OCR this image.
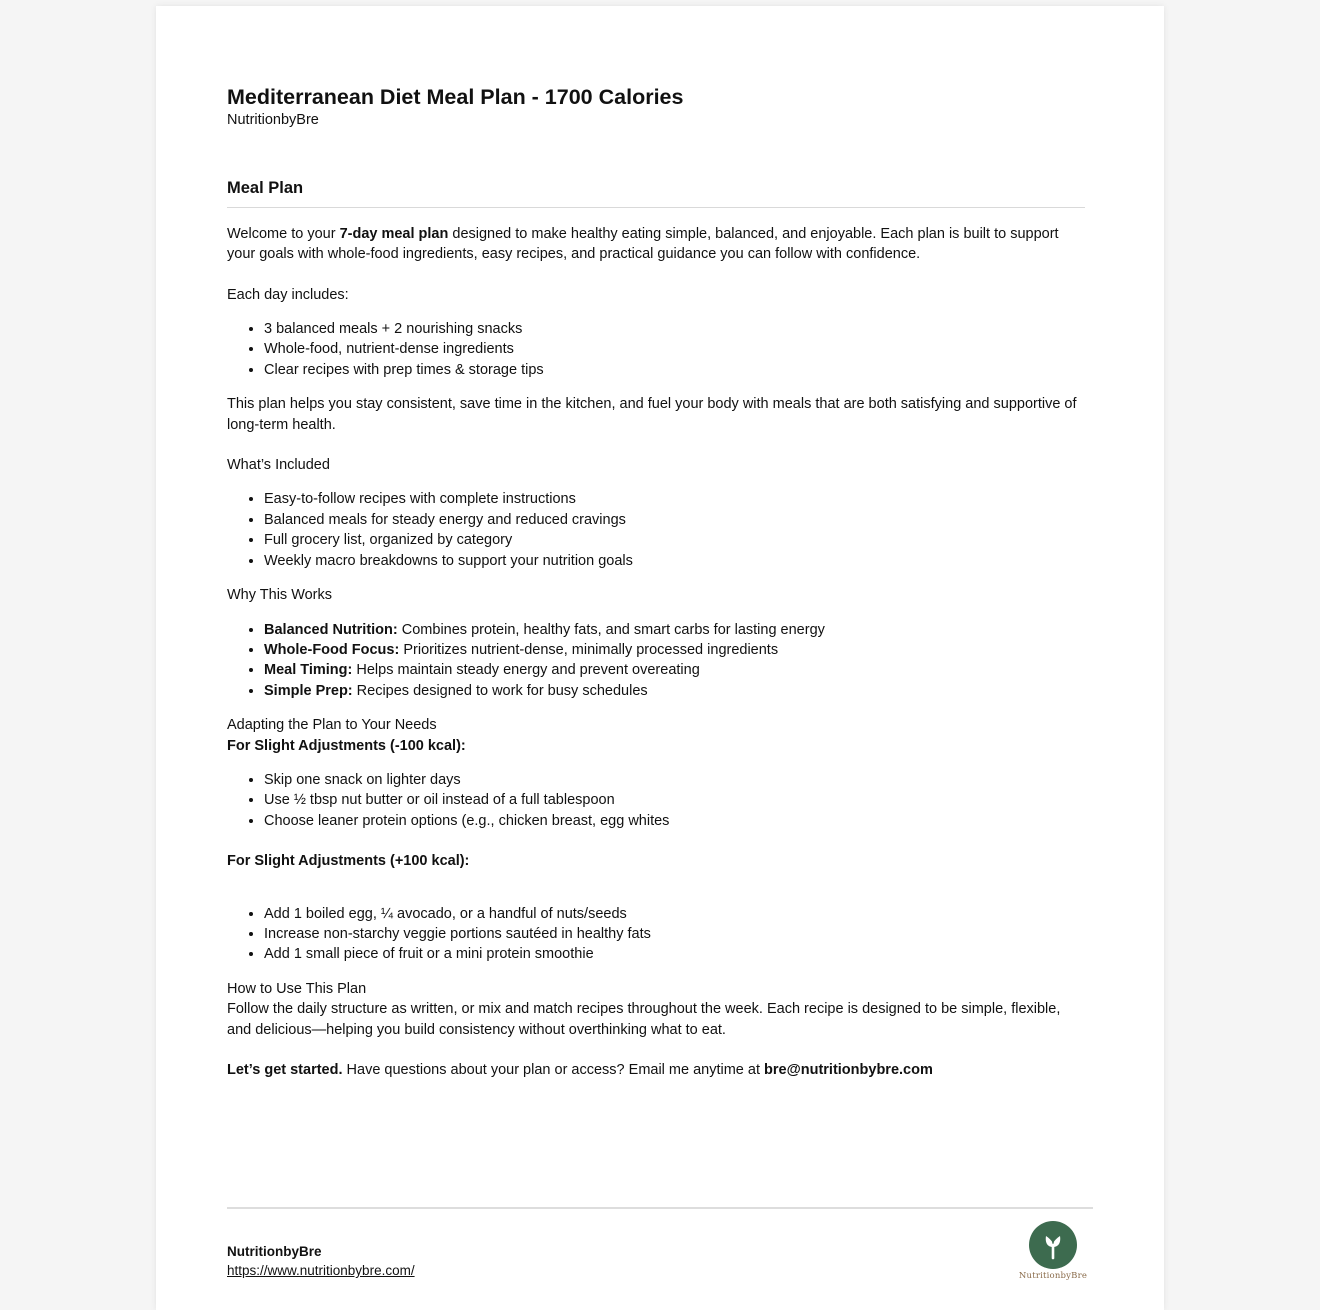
Mediterranean Diet Meal Plan - 1700 Calories

NutritionbyBre

Meal Plan

Welcome to your 7-day meal plan designed to make healthy eating simple, balanced, and enjoyable. Each plan is built to support your goals with whole-food ingredients, easy recipes, and practical guidance you can follow with confidence.

Each day includes:

• 3 balanced meals + 2 nourishing snacks
• Whole-food, nutrient-dense ingredients
• Clear recipes with prep times & storage tips

This plan helps you stay consistent, save time in the kitchen, and fuel your body with meals that are both satisfying and supportive of long-term health.

What’s Included

• Easy-to-follow recipes with complete instructions
• Balanced meals for steady energy and reduced cravings
• Full grocery list, organized by category
• Weekly macro breakdowns to support your nutrition goals

Why This Works

• Balanced Nutrition: Combines protein, healthy fats, and smart carbs for lasting energy
• Whole-Food Focus: Prioritizes nutrient-dense, minimally processed ingredients
• Meal Timing: Helps maintain steady energy and prevent overeating
• Simple Prep: Recipes designed to work for busy schedules

Adapting the Plan to Your Needs

For Slight Adjustments (-100 kcal):

• Skip one snack on lighter days
• Use ½ tbsp nut butter or oil instead of a full tablespoon
• Choose leaner protein options (e.g., chicken breast, egg whites

For Slight Adjustments (+100 kcal):

• Add 1 boiled egg, ¼ avocado, or a handful of nuts/seeds
• Increase non-starchy veggie portions sautéed in healthy fats
• Add 1 small piece of fruit or a mini protein smoothie

How to Use This Plan

Follow the daily structure as written, or mix and match recipes throughout the week. Each recipe is designed to be simple, flexible, and delicious—helping you build consistency without overthinking what to eat.

Let’s get started. Have questions about your plan or access? Email me anytime at bre@nutritionbybre.com

NutritionbyBre
https://www.nutritionbybre.com/	NutritionbyBre
